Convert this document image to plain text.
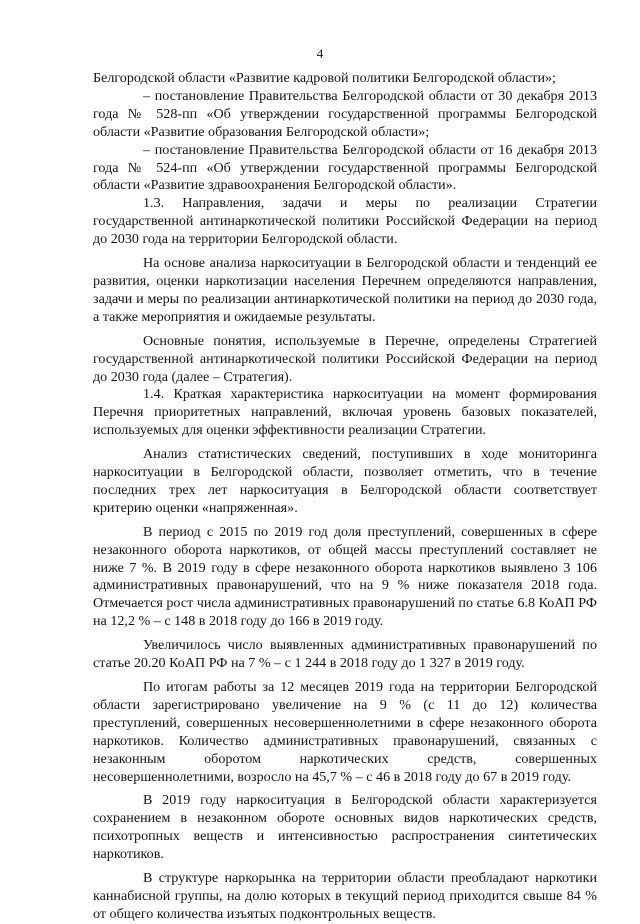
4

Белгородской области «Развитие кадровой политики Белгородской области»;

– постановление Правительства Белгородской области от 30 декабря 2013 года № 528-пп «Об утверждении государственной программы Белгородской области «Развитие образования Белгородской области»;

– постановление Правительства Белгородской области от 16 декабря 2013 года № 524-пп «Об утверждении государственной программы Белгородской области «Развитие здравоохранения Белгородской области».

1.3. Направления, задачи и меры по реализации Стратегии государственной антинаркотической политики Российской Федерации на период до 2030 года на территории Белгородской области.

На основе анализа наркоситуации в Белгородской области и тенденций ее развития, оценки наркотизации населения Перечнем определяются направления, задачи и меры по реализации антинаркотической политики на период до 2030 года, а также мероприятия и ожидаемые результаты.

Основные понятия, используемые в Перечне, определены Стратегией государственной антинаркотической политики Российской Федерации на период до 2030 года (далее – Стратегия).

1.4. Краткая характеристика наркоситуации на момент формирования Перечня приоритетных направлений, включая уровень базовых показателей, используемых для оценки эффективности реализации Стратегии.

Анализ статистических сведений, поступивших в ходе мониторинга наркоситуации в Белгородской области, позволяет отметить, что в течение последних трех лет наркоситуация в Белгородской области соответствует критерию оценки «напряженная».

В период с 2015 по 2019 год доля преступлений, совершенных в сфере незаконного оборота наркотиков, от общей массы преступлений составляет не ниже 7 %. В 2019 году в сфере незаконного оборота наркотиков выявлено 3 106 административных правонарушений, что на 9 % ниже показателя 2018 года. Отмечается рост числа административных правонарушений по статье 6.8 КоАП РФ на 12,2 % – с 148 в 2018 году до 166 в 2019 году.

Увеличилось число выявленных административных правонарушений по статье 20.20 КоАП РФ на 7 % – с 1 244 в 2018 году до 1 327 в 2019 году.

По итогам работы за 12 месяцев 2019 года на территории Белгородской области зарегистрировано увеличение на 9 % (с 11 до 12) количества преступлений, совершенных несовершеннолетними в сфере незаконного оборота наркотиков. Количество административных правонарушений, связанных с незаконным оборотом наркотических средств, совершенных несовершеннолетними, возросло на 45,7 % – с 46 в 2018 году до 67 в 2019 году.

В 2019 году наркоситуация в Белгородской области характеризуется сохранением в незаконном обороте основных видов наркотических средств, психотропных веществ и интенсивностью распространения синтетических наркотиков.

В структуре наркорынка на территории области преобладают наркотики каннабисной группы, на долю которых в текущий период приходится свыше 84 % от общего количества изъятых подконтрольных веществ.
